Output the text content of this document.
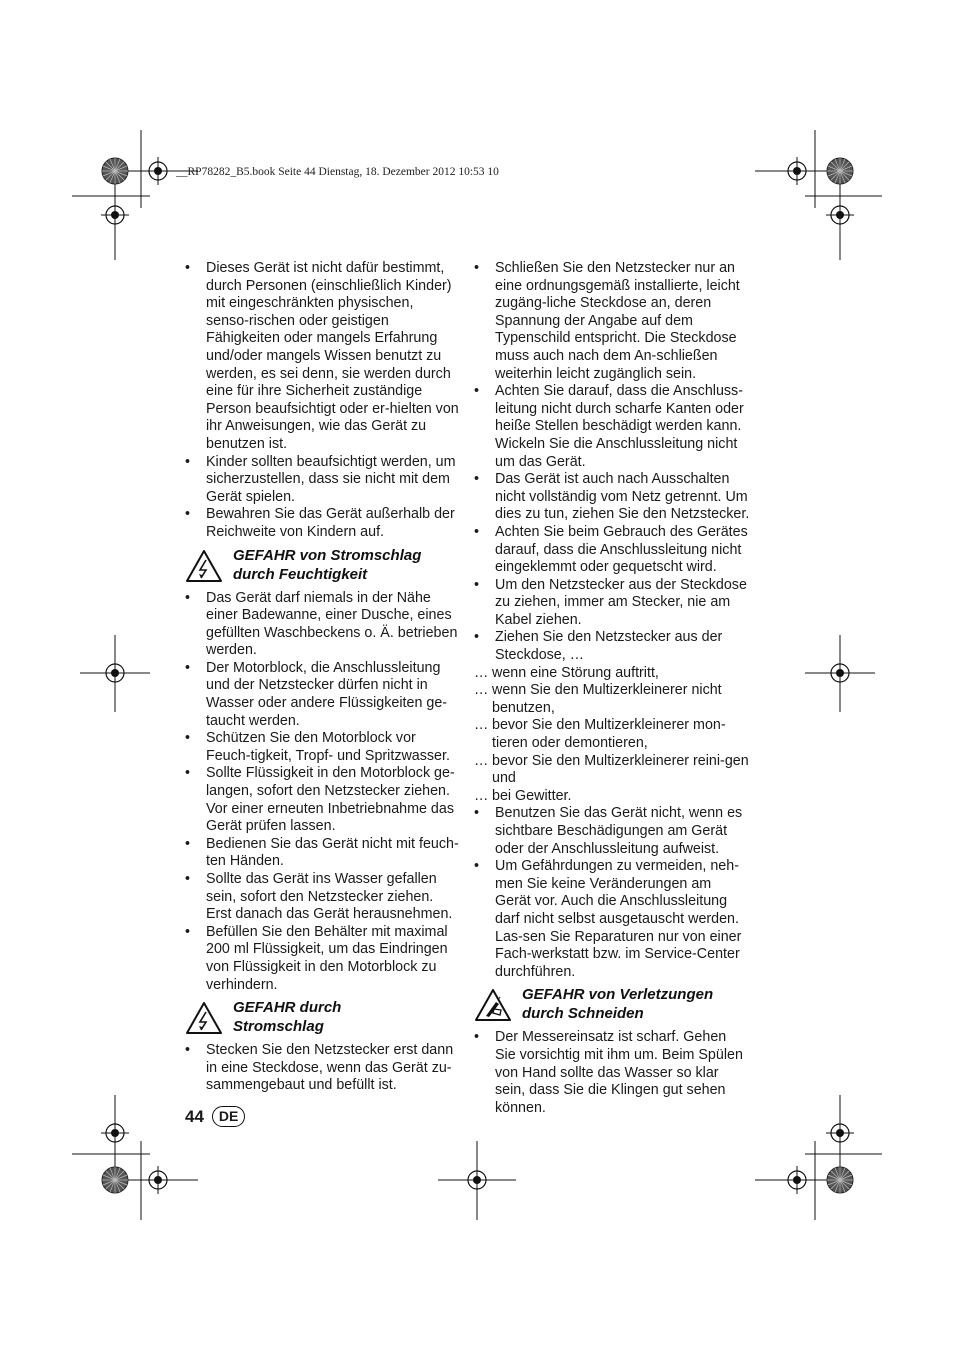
__RP78282_B5.book Seite 44 Dienstag, 18. Dezember 2012 10:53 10
• Dieses Gerät ist nicht dafür bestimmt, durch Personen (einschließlich Kinder) mit eingeschränkten physischen, senso-rischen oder geistigen Fähigkeiten oder mangels Erfahrung und/oder mangels Wissen benutzt zu werden, es sei denn, sie werden durch eine für ihre Sicherheit zuständige Person beaufsichtigt oder er-hielten von ihr Anweisungen, wie das Gerät zu benutzen ist.
• Kinder sollten beaufsichtigt werden, um sicherzustellen, dass sie nicht mit dem Gerät spielen.
• Bewahren Sie das Gerät außerhalb der Reichweite von Kindern auf.
GEFAHR von Stromschlag
durch Feuchtigkeit
• Das Gerät darf niemals in der Nähe einer Badewanne, einer Dusche, eines gefüllten Waschbeckens o. Ä. betrieben werden.
• Der Motorblock, die Anschlussleitung und der Netzstecker dürfen nicht in Wasser oder andere Flüssigkeiten ge-taucht werden.
• Schützen Sie den Motorblock vor Feuch-tigkeit, Tropf- und Spritzwasser.
• Sollte Flüssigkeit in den Motorblock ge-langen, sofort den Netzstecker ziehen. Vor einer erneuten Inbetriebnahme das Gerät prüfen lassen.
• Bedienen Sie das Gerät nicht mit feuch-ten Händen.
• Sollte das Gerät ins Wasser gefallen sein, sofort den Netzstecker ziehen. Erst danach das Gerät herausnehmen.
• Befüllen Sie den Behälter mit maximal 200 ml Flüssigkeit, um das Eindringen von Flüssigkeit in den Motorblock zu verhindern.
GEFAHR durch
Stromschlag
• Stecken Sie den Netzstecker erst dann in eine Steckdose, wenn das Gerät zu-sammengebaut und befüllt ist.
• Schließen Sie den Netzstecker nur an eine ordnungsgemäß installierte, leicht zugäng-liche Steckdose an, deren Spannung der Angabe auf dem Typenschild entspricht. Die Steckdose muss auch nach dem An-schließen weiterhin leicht zugänglich sein.
• Achten Sie darauf, dass die Anschluss-leitung nicht durch scharfe Kanten oder heiße Stellen beschädigt werden kann. Wickeln Sie die Anschlussleitung nicht um das Gerät.
• Das Gerät ist auch nach Ausschalten nicht vollständig vom Netz getrennt. Um dies zu tun, ziehen Sie den Netzstecker.
• Achten Sie beim Gebrauch des Gerätes darauf, dass die Anschlussleitung nicht eingeklemmt oder gequetscht wird.
• Um den Netzstecker aus der Steckdose zu ziehen, immer am Stecker, nie am Kabel ziehen.
• Ziehen Sie den Netzstecker aus der Steckdose, …
… wenn eine Störung auftritt,
… wenn Sie den Multizerkleinerer nicht benutzen,
… bevor Sie den Multizerkleinerer mon-tieren oder demontieren,
… bevor Sie den Multizerkleinerer reini-gen und
… bei Gewitter.
• Benutzen Sie das Gerät nicht, wenn es sichtbare Beschädigungen am Gerät oder der Anschlussleitung aufweist.
• Um Gefährdungen zu vermeiden, neh-men Sie keine Veränderungen am Gerät vor. Auch die Anschlussleitung darf nicht selbst ausgetauscht werden. Las-sen Sie Reparaturen nur von einer Fach-werkstatt bzw. im Service-Center durchführen.
GEFAHR von Verletzungen
durch Schneiden
• Der Messereinsatz ist scharf. Gehen Sie vorsichtig mit ihm um. Beim Spülen von Hand sollte das Wasser so klar sein, dass Sie die Klingen gut sehen können.
44	DE
